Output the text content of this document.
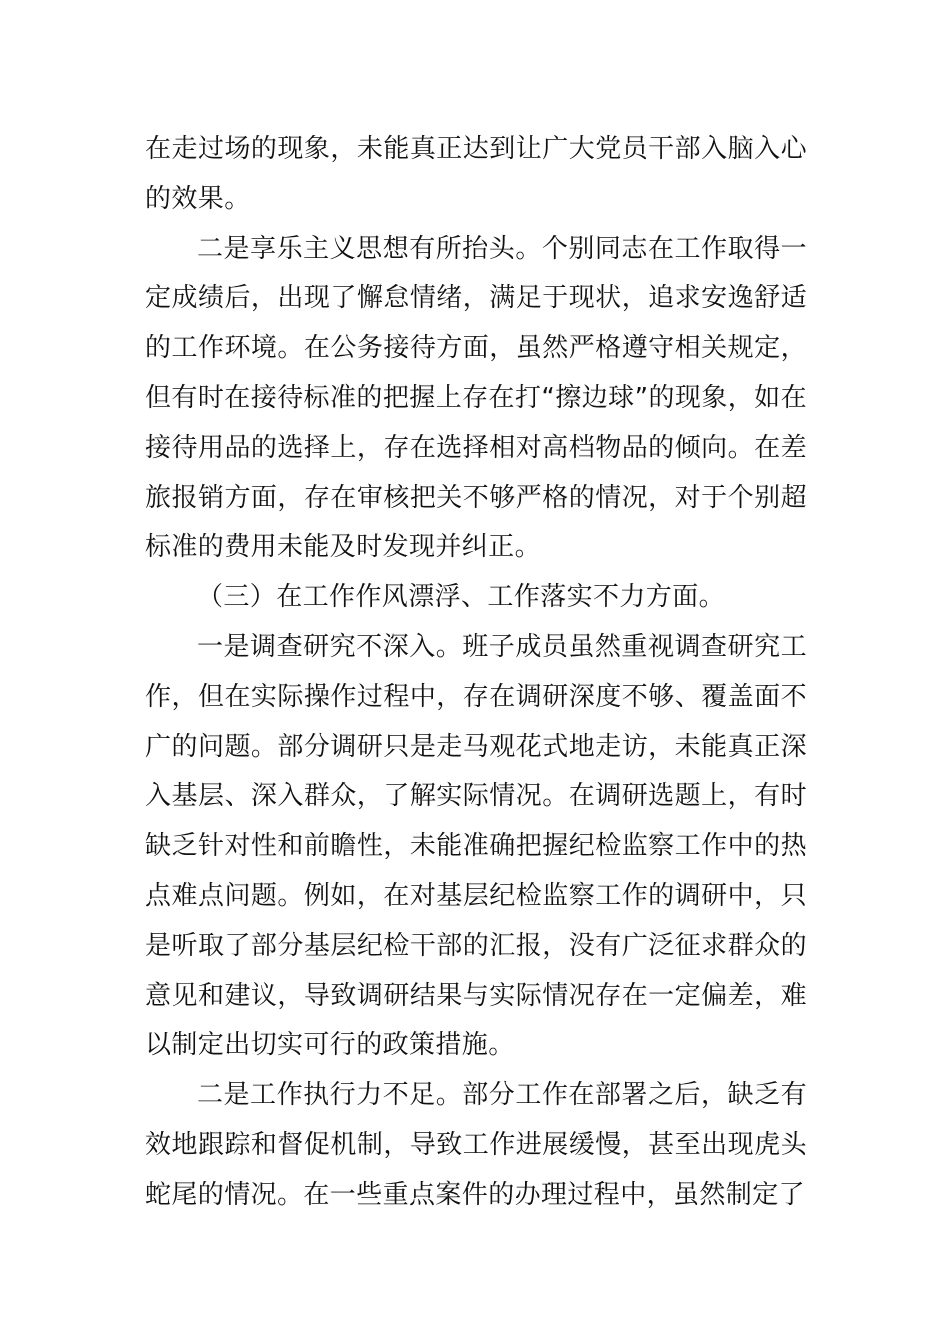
在走过场的现象，未能真正达到让广大党员干部入脑入心的效果。

二是享乐主义思想有所抬头。个别同志在工作取得一定成绩后，出现了懈怠情绪，满足于现状，追求安逸舒适的工作环境。在公务接待方面，虽然严格遵守相关规定，但有时在接待标准的把握上存在打“擦边球”的现象，如在接待用品的选择上，存在选择相对高档物品的倾向。在差旅报销方面，存在审核把关不够严格的情况，对于个别超标准的费用未能及时发现并纠正。

（三）在工作作风漂浮、工作落实不力方面。

一是调查研究不深入。班子成员虽然重视调查研究工作，但在实际操作过程中，存在调研深度不够、覆盖面不广的问题。部分调研只是走马观花式地走访，未能真正深入基层、深入群众，了解实际情况。在调研选题上，有时缺乏针对性和前瞻性，未能准确把握纪检监察工作中的热点难点问题。例如，在对基层纪检监察工作的调研中，只是听取了部分基层纪检干部的汇报，没有广泛征求群众的意见和建议，导致调研结果与实际情况存在一定偏差，难以制定出切实可行的政策措施。

二是工作执行力不足。部分工作在部署之后，缺乏有效地跟踪和督促机制，导致工作进展缓慢，甚至出现虎头蛇尾的情况。在一些重点案件的办理过程中，虽然制定了
